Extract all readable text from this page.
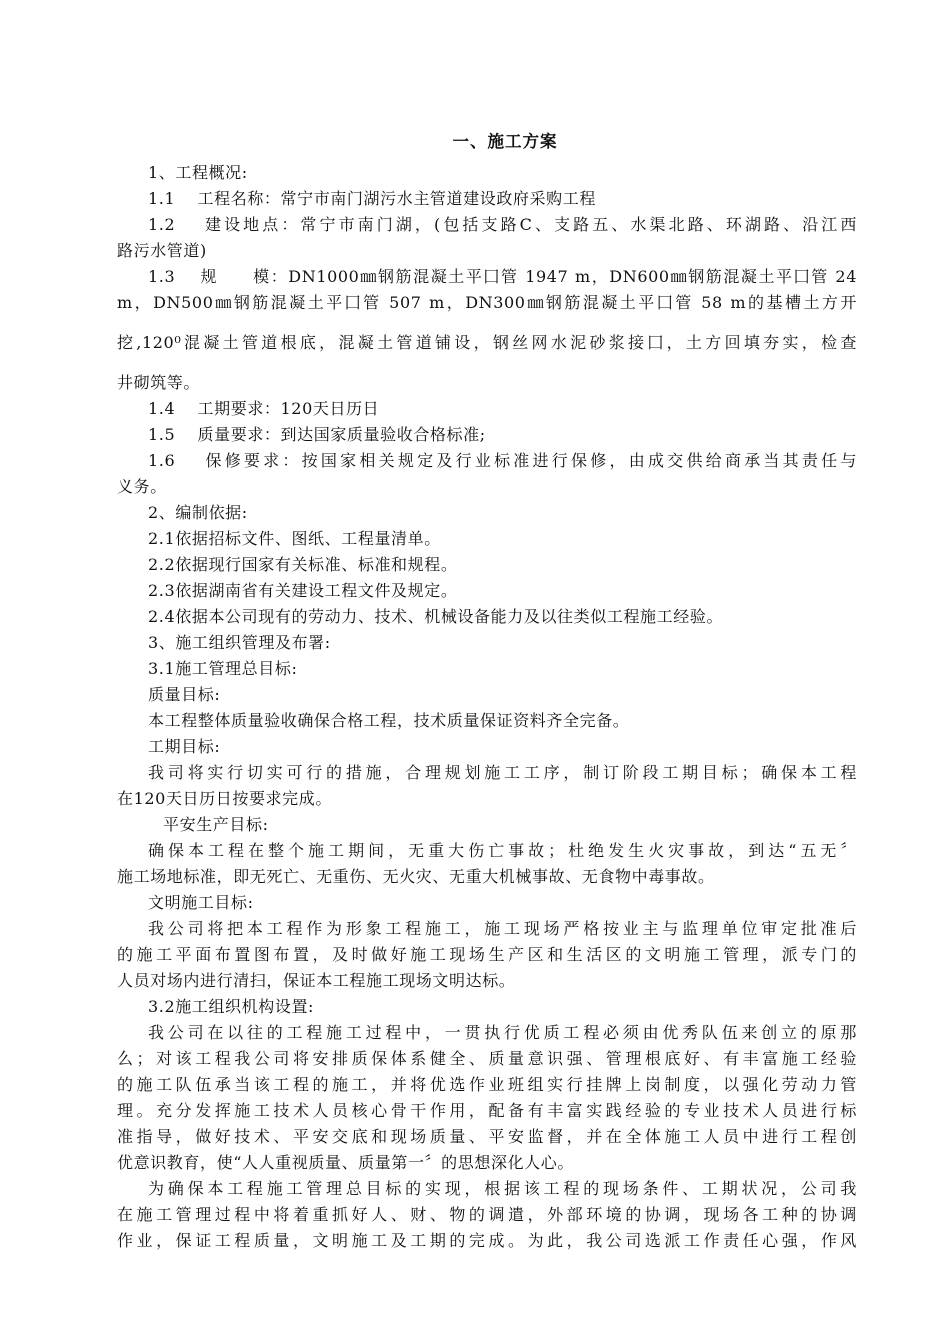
一、施工方案
1、工程概况:
1.1　 工程名称：常宁市南门湖污水主管道建设政府采购工程
1.2　 建设地点：常宁市南门湖，(包括支路C、支路五、水渠北路、环湖路、沿江西
路污水管道)
1.3　 规　　模：DN1000㎜钢筋混凝土平囗管 1947 m，DN600㎜钢筋混凝土平囗管 24
m，DN500㎜钢筋混凝土平囗管 507 m，DN300㎜钢筋混凝土平囗管 58 m的基槽土方开
挖,120⁰混凝土管道根底，混凝土管道铺设，钢丝网水泥砂浆接囗，土方回填夯实，检查
井砌筑等。
1.4　 工期要求：120天日历日
1.5　 质量要求：到达国家质量验收合格标准;
1.6　 保修要求：按国家相关规定及行业标准进行保修，由成交供给商承当其责任与
义务。
2、编制依据:
2.1依据招标文件、图纸、工程量清单。
2.2依据现行国家有关标准、标准和规程。
2.3依据湖南省有关建设工程文件及规定。
2.4依据本公司现有的劳动力、技术、机械设备能力及以往类似工程施工经验。
3、施工组织管理及布署:
3.1施工管理总目标:
质量目标:
本工程整体质量验收确保合格工程，技术质量保证资料齐全完备。
工期目标:
我司将实行切实可行的措施，合理规划施工工序，制订阶段工期目标；确保本工程
在120天日历日按要求完成。
平安生产目标:
确保本工程在整个施工期间，无重大伤亡事故；杜绝发生火灾事故，到达“五无〞
施工场地标准，即无死亡、无重伤、无火灾、无重大机械事故、无食物中毒事故。
文明施工目标:
我公司将把本工程作为形象工程施工，施工现场严格按业主与监理单位审定批准后
的施工平面布置图布置，及时做好施工现场生产区和生活区的文明施工管理，派专门的
人员对场内进行清扫，保证本工程施工现场文明达标。
3.2施工组织机构设置:
我公司在以往的工程施工过程中，一贯执行优质工程必须由优秀队伍来创立的原那
么；对该工程我公司将安排质保体系健全、质量意识强、管理根底好、有丰富施工经验
的施工队伍承当该工程的施工，并将优选作业班组实行挂牌上岗制度，以强化劳动力管
理。充分发挥施工技术人员核心骨干作用，配备有丰富实践经验的专业技术人员进行标
准指导，做好技术、平安交底和现场质量、平安监督，并在全体施工人员中进行工程创
优意识教育，使“人人重视质量、质量第一〞的思想深化人心。
为确保本工程施工管理总目标的实现，根据该工程的现场条件、工期状况，公司我
在施工管理过程中将着重抓好人、财、物的调遣，外部环境的协调，现场各工种的协调
作业，保证工程质量，文明施工及工期的完成。为此，我公司选派工作责任心强，作风
